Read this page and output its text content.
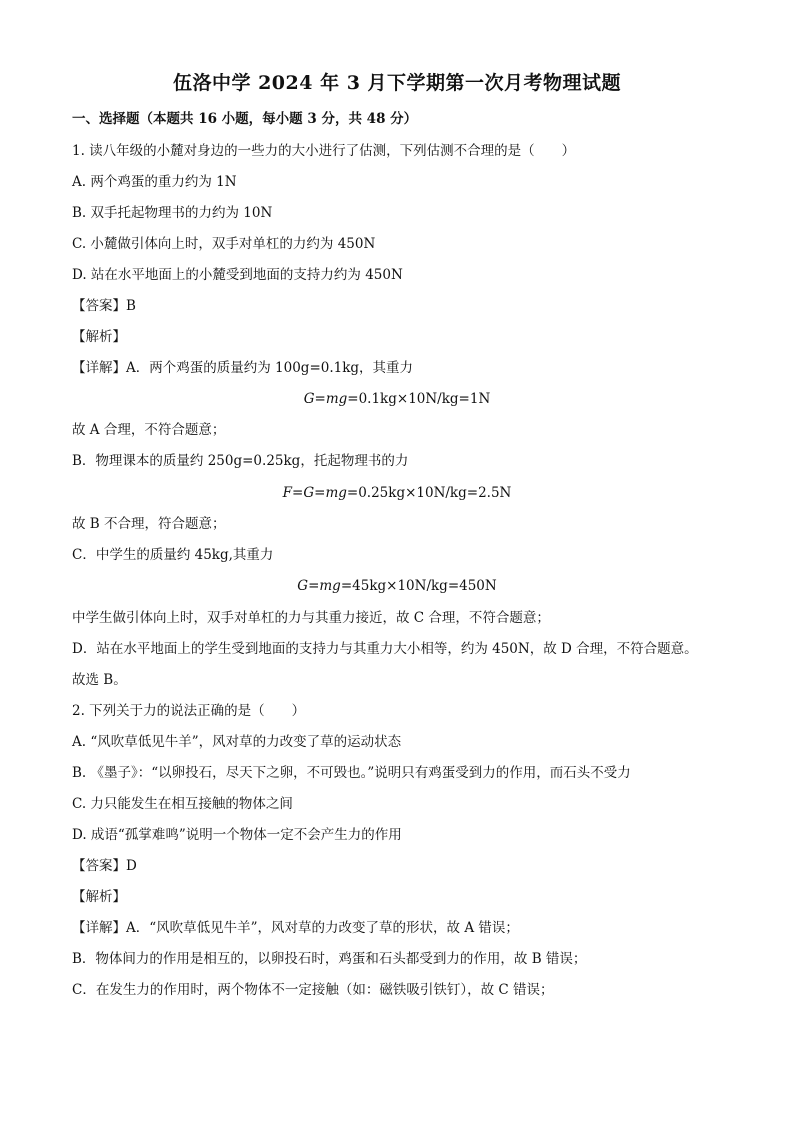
伍洛中学 2024 年 3 月下学期第一次月考物理试题
一、选择题（本题共 16 小题，每小题 3 分，共 48 分）
1. 读八年级的小麓对身边的一些力的大小进行了估测，下列估测不合理的是（　　）
A. 两个鸡蛋的重力约为 1N
B. 双手托起物理书的力约为 10N
C. 小麓做引体向上时，双手对单杠的力约为 450N
D. 站在水平地面上的小麓受到地面的支持力约为 450N
【答案】B
【解析】
【详解】A．两个鸡蛋的质量约为 100g=0.1kg，其重力
G=mg=0.1kg×10N/kg=1N
故 A 合理，不符合题意；
B．物理课本的质量约 250g=0.25kg，托起物理书的力
F=G=mg=0.25kg×10N/kg=2.5N
故 B 不合理，符合题意；
C．中学生的质量约 45kg,其重力
G=mg=45kg×10N/kg=450N
中学生做引体向上时，双手对单杠的力与其重力接近，故 C 合理，不符合题意；
D．站在水平地面上的学生受到地面的支持力与其重力大小相等，约为 450N，故 D 合理，不符合题意。
故选 B。
2. 下列关于力的说法正确的是（　　）
A. “风吹草低见牛羊”，风对草的力改变了草的运动状态
B. 《墨子》：“以卵投石，尽天下之卵，不可毁也。”说明只有鸡蛋受到力的作用，而石头不受力
C. 力只能发生在相互接触的物体之间
D. 成语“孤掌难鸣”说明一个物体一定不会产生力的作用
【答案】D
【解析】
【详解】A．“风吹草低见牛羊”，风对草的力改变了草的形状，故 A 错误；
B．物体间力的作用是相互的，以卵投石时，鸡蛋和石头都受到力的作用，故 B 错误；
C．在发生力的作用时，两个物体不一定接触（如：磁铁吸引铁钉），故 C 错误；
